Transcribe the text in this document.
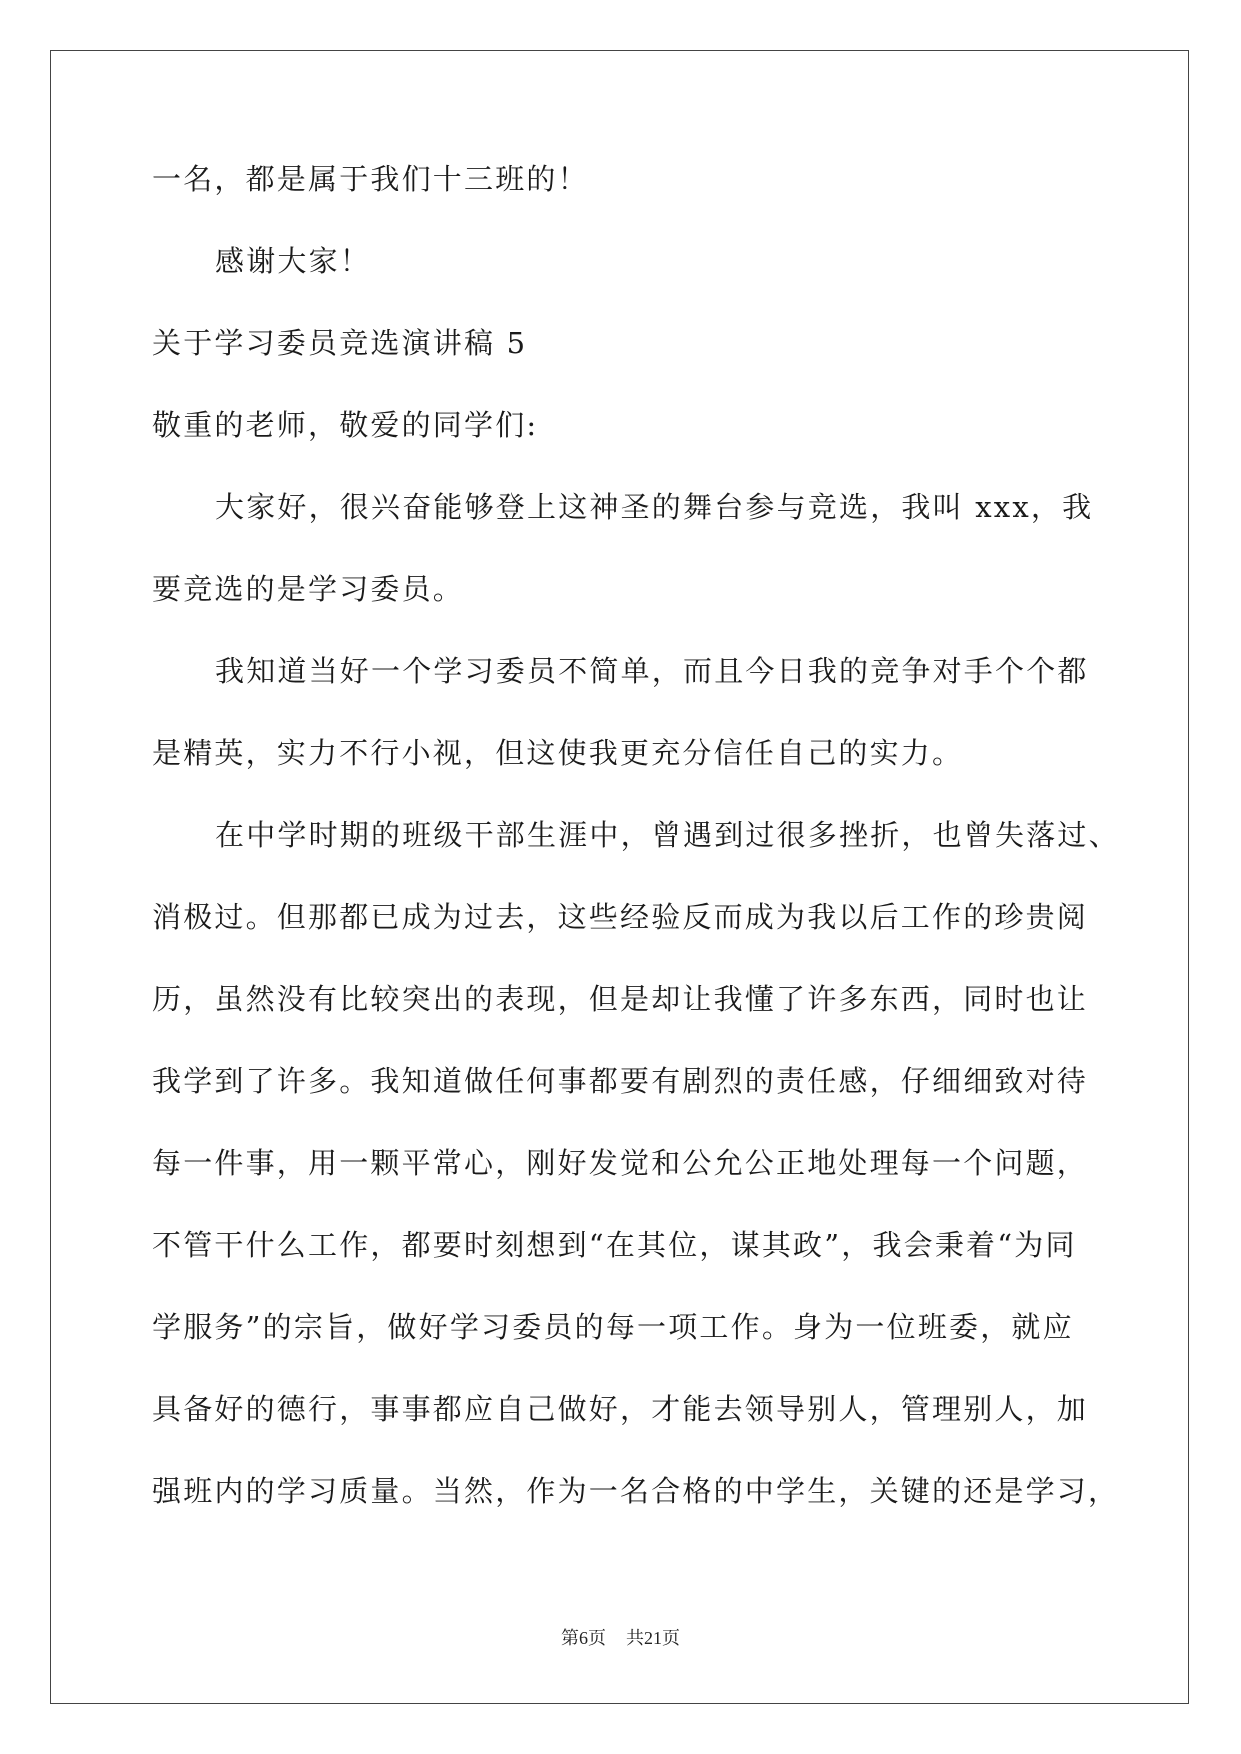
一名，都是属于我们十三班的！
感谢大家！
关于学习委员竞选演讲稿 5
敬重的老师，敬爱的同学们:
大家好，很兴奋能够登上这神圣的舞台参与竞选，我叫 xxx，我
要竞选的是学习委员。
我知道当好一个学习委员不简单，而且今日我的竞争对手个个都
是精英，实力不行小视，但这使我更充分信任自己的实力。
在中学时期的班级干部生涯中，曾遇到过很多挫折，也曾失落过、
消极过。但那都已成为过去，这些经验反而成为我以后工作的珍贵阅
历，虽然没有比较突出的表现，但是却让我懂了许多东西，同时也让
我学到了许多。我知道做任何事都要有剧烈的责任感，仔细细致对待
每一件事，用一颗平常心，刚好发觉和公允公正地处理每一个问题，
不管干什么工作，都要时刻想到“在其位，谋其政”，我会秉着“为同
学服务”的宗旨，做好学习委员的每一项工作。身为一位班委，就应
具备好的德行，事事都应自己做好，才能去领导别人，管理别人，加
强班内的学习质量。当然，作为一名合格的中学生，关键的还是学习，
第6页 共21页
